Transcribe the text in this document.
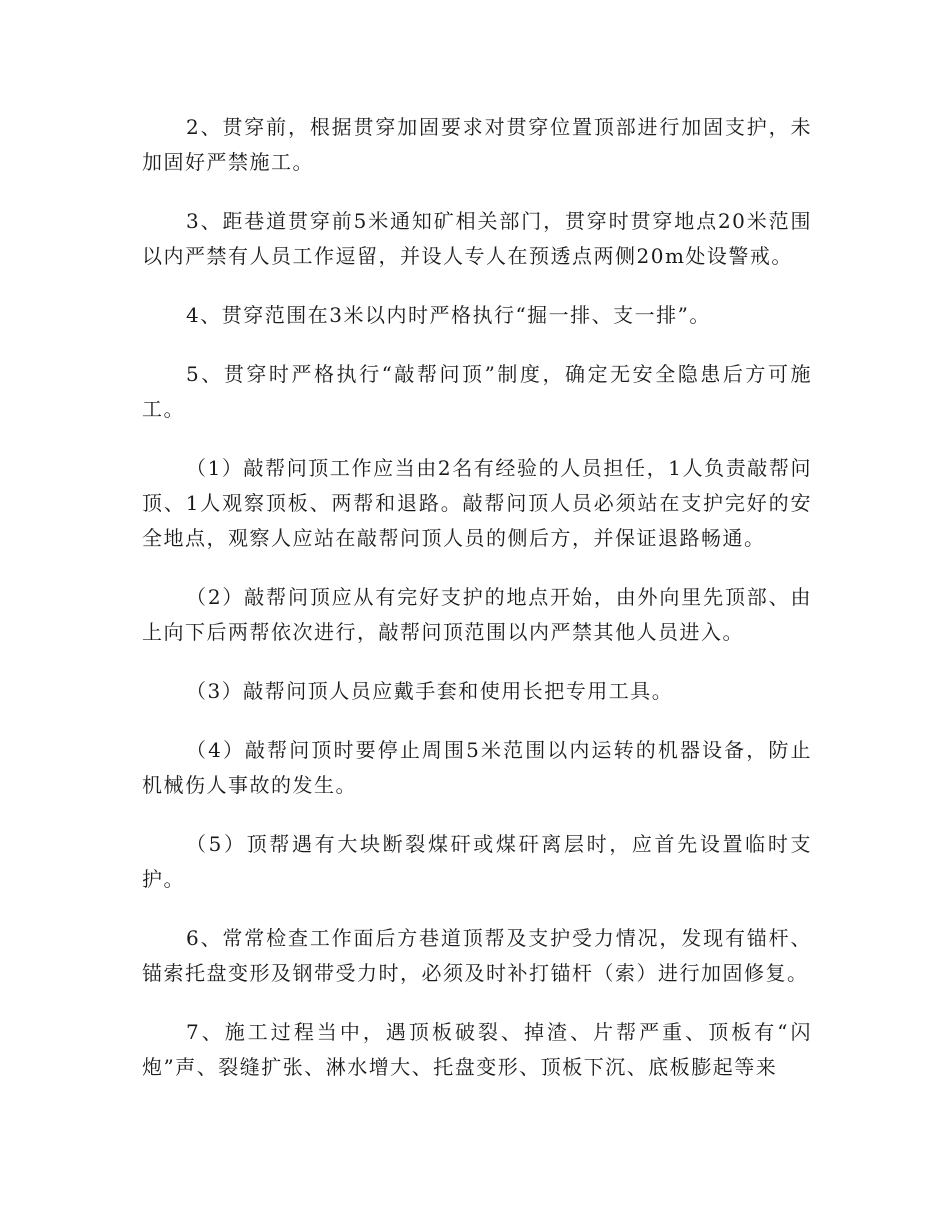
2、贯穿前，根据贯穿加固要求对贯穿位置顶部进行加固支护，未加固好严禁施工。

3、距巷道贯穿前5米通知矿相关部门，贯穿时贯穿地点20米范围以内严禁有人员工作逗留，并设人专人在预透点两侧20m处设警戒。

4、贯穿范围在3米以内时严格执行“掘一排、支一排”。

5、贯穿时严格执行“敲帮问顶”制度，确定无安全隐患后方可施工。

（1）敲帮问顶工作应当由2名有经验的人员担任，1人负责敲帮问顶、1人观察顶板、两帮和退路。敲帮问顶人员必须站在支护完好的安全地点，观察人应站在敲帮问顶人员的侧后方，并保证退路畅通。

（2）敲帮问顶应从有完好支护的地点开始，由外向里先顶部、由上向下后两帮依次进行，敲帮问顶范围以内严禁其他人员进入。

（3）敲帮问顶人员应戴手套和使用长把专用工具。

（4）敲帮问顶时要停止周围5米范围以内运转的机器设备，防止机械伤人事故的发生。

（5）顶帮遇有大块断裂煤矸或煤矸离层时，应首先设置临时支护。

6、常常检查工作面后方巷道顶帮及支护受力情况，发现有锚杆、锚索托盘变形及钢带受力时，必须及时补打锚杆（索）进行加固修复。

7、施工过程当中，遇顶板破裂、掉渣、片帮严重、顶板有“闪炮”声、裂缝扩张、淋水增大、托盘变形、顶板下沉、底板膨起等来
